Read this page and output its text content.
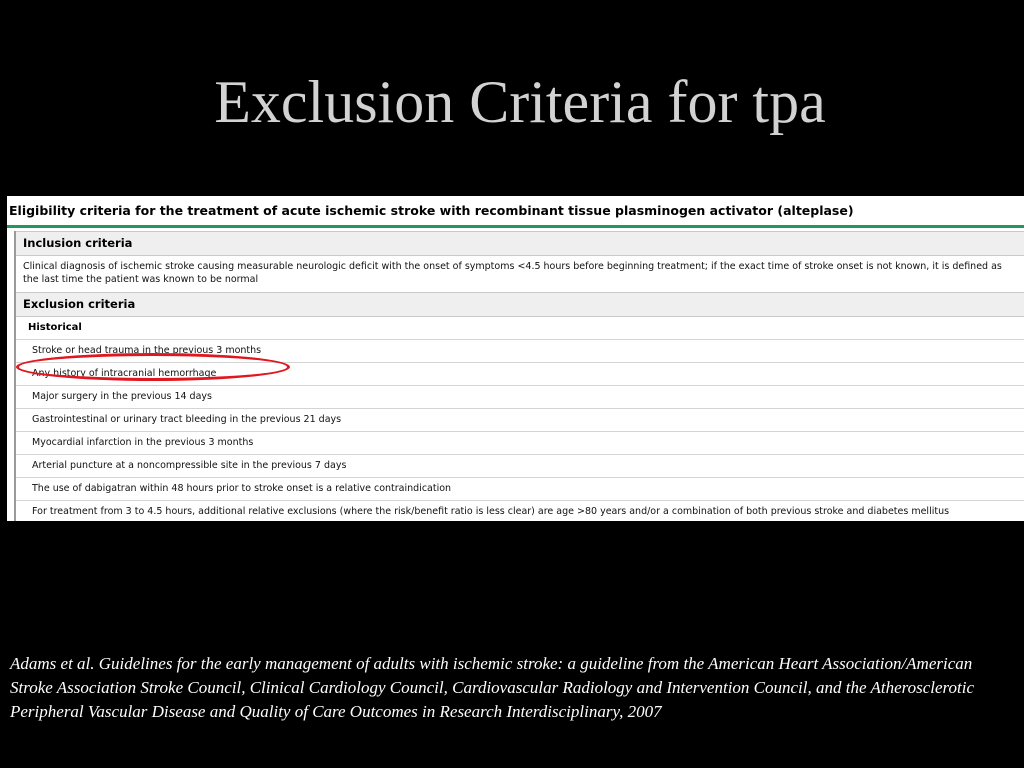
Exclusion Criteria for tpa
Eligibility criteria for the treatment of acute ischemic stroke with recombinant tissue plasminogen activator (alteplase)
Inclusion criteria
Clinical diagnosis of ischemic stroke causing measurable neurologic deficit with the onset of symptoms <4.5 hours before beginning treatment; if the exact time of stroke onset is not known, it is defined as the last time the patient was known to be normal
Exclusion criteria
Historical
Stroke or head trauma in the previous 3 months
Any history of intracranial hemorrhage
Major surgery in the previous 14 days
Gastrointestinal or urinary tract bleeding in the previous 21 days
Myocardial infarction in the previous 3 months
Arterial puncture at a noncompressible site in the previous 7 days
The use of dabigatran within 48 hours prior to stroke onset is a relative contraindication
For treatment from 3 to 4.5 hours, additional relative exclusions (where the risk/benefit ratio is less clear) are age >80 years and/or a combination of both previous stroke and diabetes mellitus

Adams et al. Guidelines for the early management of adults with ischemic stroke: a guideline from the American Heart Association/American Stroke Association Stroke Council, Clinical Cardiology Council, Cardiovascular Radiology and Intervention Council, and the Atherosclerotic Peripheral Vascular Disease and Quality of Care Outcomes in Research Interdisciplinary, 2007
